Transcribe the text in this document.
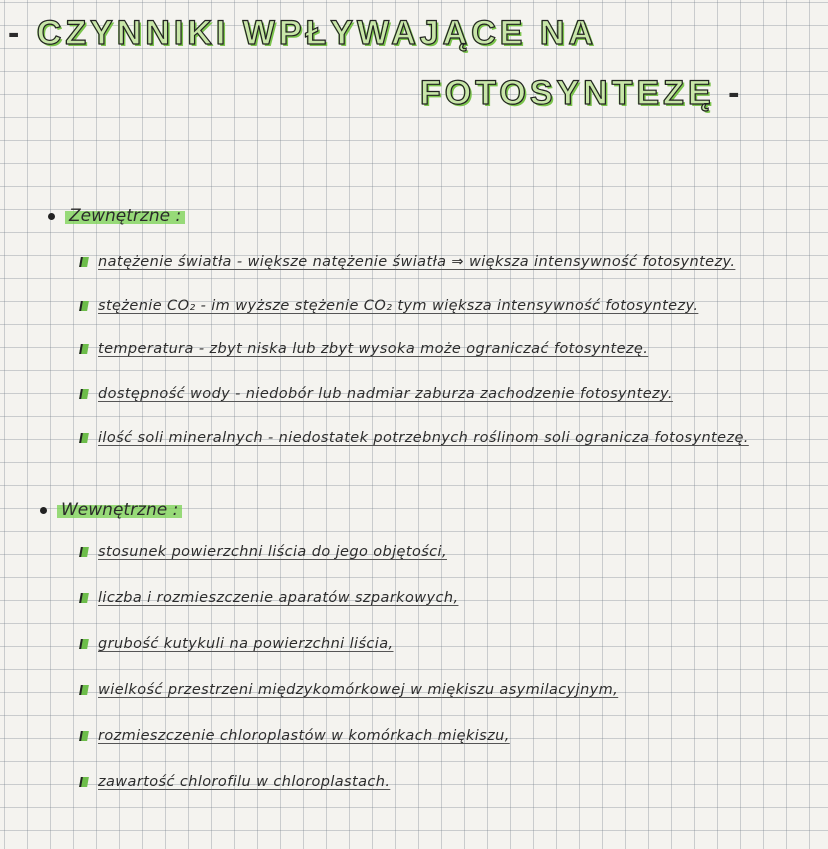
- CZYNNIKI WPŁYWAJĄCE NA
FOTOSYNTEZĘ -
Zewnętrzne :
natężenie światła - większe natężenie światła ⇒ większa intensywność fotosyntezy.
stężenie CO₂ - im wyższe stężenie CO₂ tym większa intensywność fotosyntezy.
temperatura - zbyt niska lub zbyt wysoka może ograniczać fotosyntezę.
dostępność wody - niedobór lub nadmiar zaburza zachodzenie fotosyntezy.
ilość soli mineralnych - niedostatek potrzebnych roślinom soli ogranicza fotosyntezę.
Wewnętrzne :
stosunek powierzchni liścia do jego objętości,
liczba i rozmieszczenie aparatów szparkowych,
grubość kutykuli na powierzchni liścia,
wielkość przestrzeni międzykomórkowej w miękiszu asymilacyjnym,
rozmieszczenie chloroplastów w komórkach miękiszu,
zawartość chlorofilu w chloroplastach.
